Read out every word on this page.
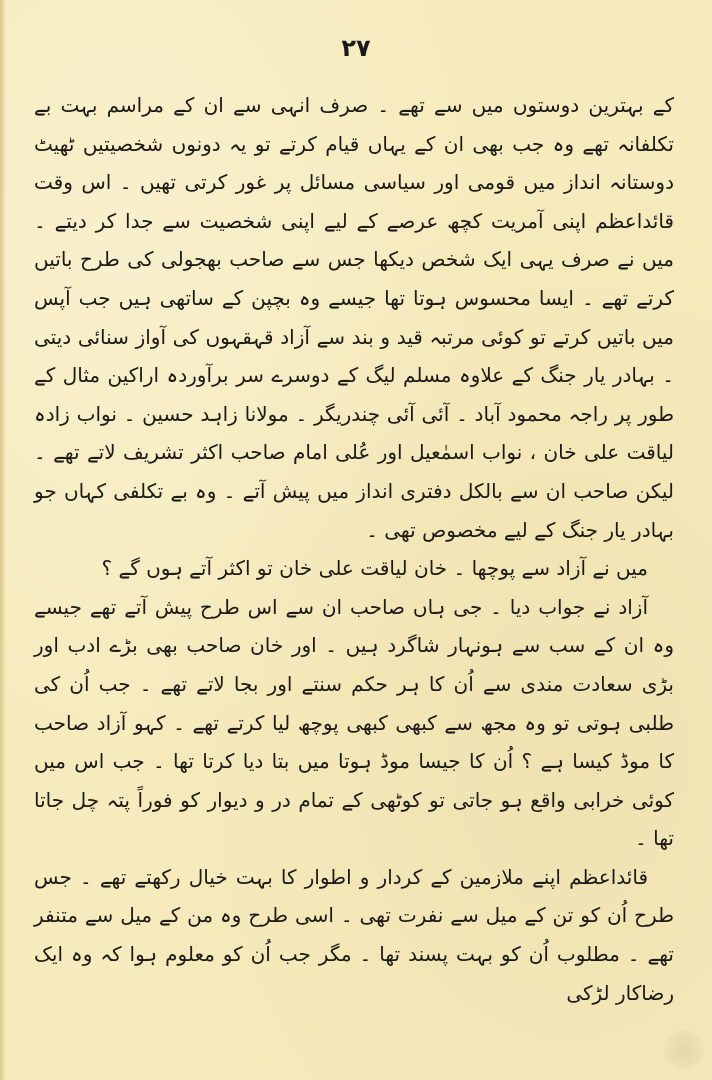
۲۷

کے بہترین دوستوں میں سے تھے ۔ صرف انہی سے ان کے مراسم بہت بے تکلفانہ تھے وہ جب بھی ان کے یہاں قیام کرتے تو یہ دونوں شخصیتیں ٹھیٹ دوستانہ انداز میں قومی اور سیاسی مسائل پر غور کرتی تھیں ۔ اس وقت قائداعظم اپنی آمریت کچھ عرصے کے لیے اپنی شخصیت سے جدا کر دیتے ۔ میں نے صرف یہی ایک شخص دیکھا جس سے صاحب بھجولی کی طرح باتیں کرتے تھے ۔ ایسا محسوس ہوتا تھا جیسے وہ بچپن کے ساتھی ہیں جب آپس میں باتیں کرتے تو کوئی مرتبہ قید و بند سے آزاد قہقہوں کی آواز سنائی دیتی ۔ بہادر یار جنگ کے علاوہ مسلم لیگ کے دوسرے سر برآوردہ اراکین مثال کے طور پر راجہ محمود آباد ۔ آئی آئی چندریگر ۔ مولانا زاہد حسین ۔ نواب زادہ لیاقت علی خان ، نواب اسمٰعیل اور عُلی امام صاحب اکثر تشریف لاتے تھے ۔ لیکن صاحب ان سے بالکل دفتری انداز میں پیش آتے ۔ وہ بے تکلفی کہاں جو بہادر یار جنگ کے لیے مخصوص تھی ۔

میں نے آزاد سے پوچھا ۔ خان لیاقت علی خان تو اکثر آتے ہوں گے ؟

آزاد نے جواب دیا ۔ جی ہاں صاحب ان سے اس طرح پیش آتے تھے جیسے وہ ان کے سب سے ہونہار شاگرد ہیں ۔ اور خان صاحب بھی بڑے ادب اور بڑی سعادت مندی سے اُن کا ہر حکم سنتے اور بجا لاتے تھے ۔ جب اُن کی طلبی ہوتی تو وہ مجھ سے کبھی کبھی پوچھ لیا کرتے تھے ۔ کہو آزاد صاحب کا موڈ کیسا ہے ؟ اُن کا جیسا موڈ ہوتا میں بتا دیا کرتا تھا ۔ جب اس میں کوئی خرابی واقع ہو جاتی تو کوٹھی کے تمام در و دیوار کو فوراً پتہ چل جاتا تھا ۔

قائداعظم اپنے ملازمین کے کردار و اطوار کا بہت خیال رکھتے تھے ۔ جس طرح اُن کو تن کے میل سے نفرت تھی ۔ اسی طرح وہ من کے میل سے متنفر تھے ۔ مطلوب اُن کو بہت پسند تھا ۔ مگر جب اُن کو معلوم ہوا کہ وہ ایک رضاکار لڑکی
